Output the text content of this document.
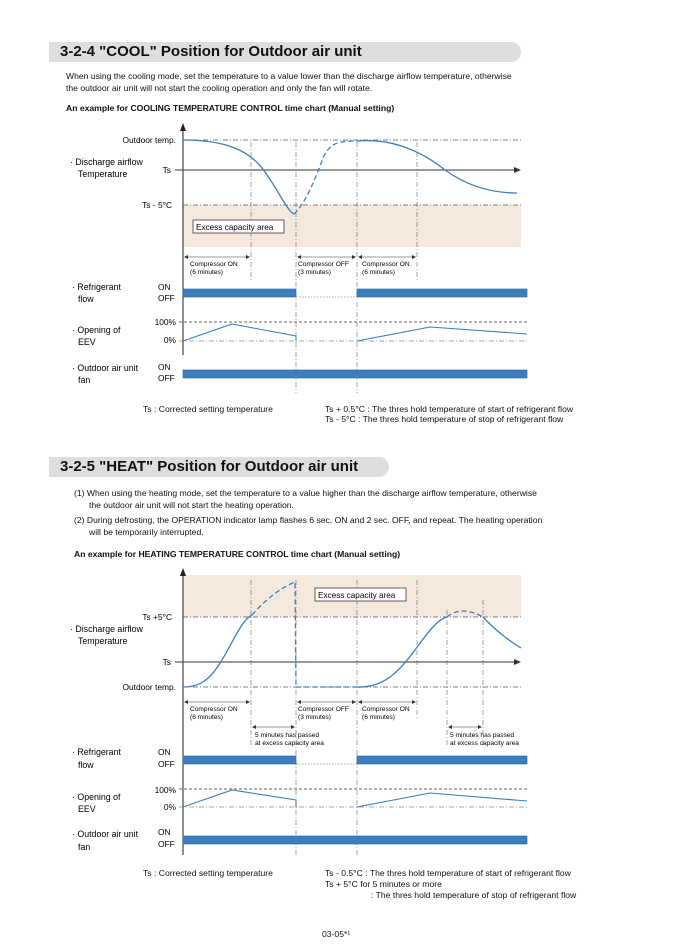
3-2-4 "COOL" Position for Outdoor air unit
When using the cooling mode, set the temperature to a value lower than the discharge airflow temperature, otherwise
the outdoor air unit will not start the cooling operation and only the fan will rotate.
An example for COOLING TEMPERATURE CONTROL time chart (Manual setting)
Outdoor temp.
· Discharge airflow
Temperature	Ts
Ts - 5°C
Excess capacity area
Compressor ON
(6 minutes)
Compressor OFF
(3 minutes)
Compressor ON
(6 minutes)
· Refrigerant
flow
ON
OFF
· Opening of
EEV
100%
0%
· Outdoor air unit
fan
ON
OFF
Ts : Corrected setting temperature	Ts + 0.5°C : The thres hold temperature of start of refrigerant flow
Ts - 5°C : The thres hold temperature of stop of refrigerant flow
3-2-5 "HEAT" Position for Outdoor air unit
(1) When using the heating mode, set the temperature to a value higher than the discharge airflow temperature, otherwise
the outdoor air unit will not start the heating operation.
(2) During defrosting, the OPERATION indicator lamp flashes 6 sec. ON and 2 sec. OFF, and repeat. The heating operation
will be temporarily interrupted.
An example for HEATING TEMPERATURE CONTROL time chart (Manual setting)
Ts +5°C
· Discharge airflow
Temperature
Ts
Outdoor temp.
Excess capacity area
Compressor ON
(6 minutes)
Compressor OFF
(3 minutes)
Compressor ON
(6 minutes)
5 minutes has passed
at excess capacity area
5 minutes has passed
at excess capacity area
· Refrigerant
flow
ON
OFF
· Opening of
EEV
100%
0%
· Outdoor air unit
fan
ON
OFF
Ts : Corrected setting temperature	Ts - 0.5°C : The thres hold temperature of start of refrigerant flow
Ts + 5°C for 5 minutes or more
: The thres hold temperature of stop of refrigerant flow
03-05*¹
